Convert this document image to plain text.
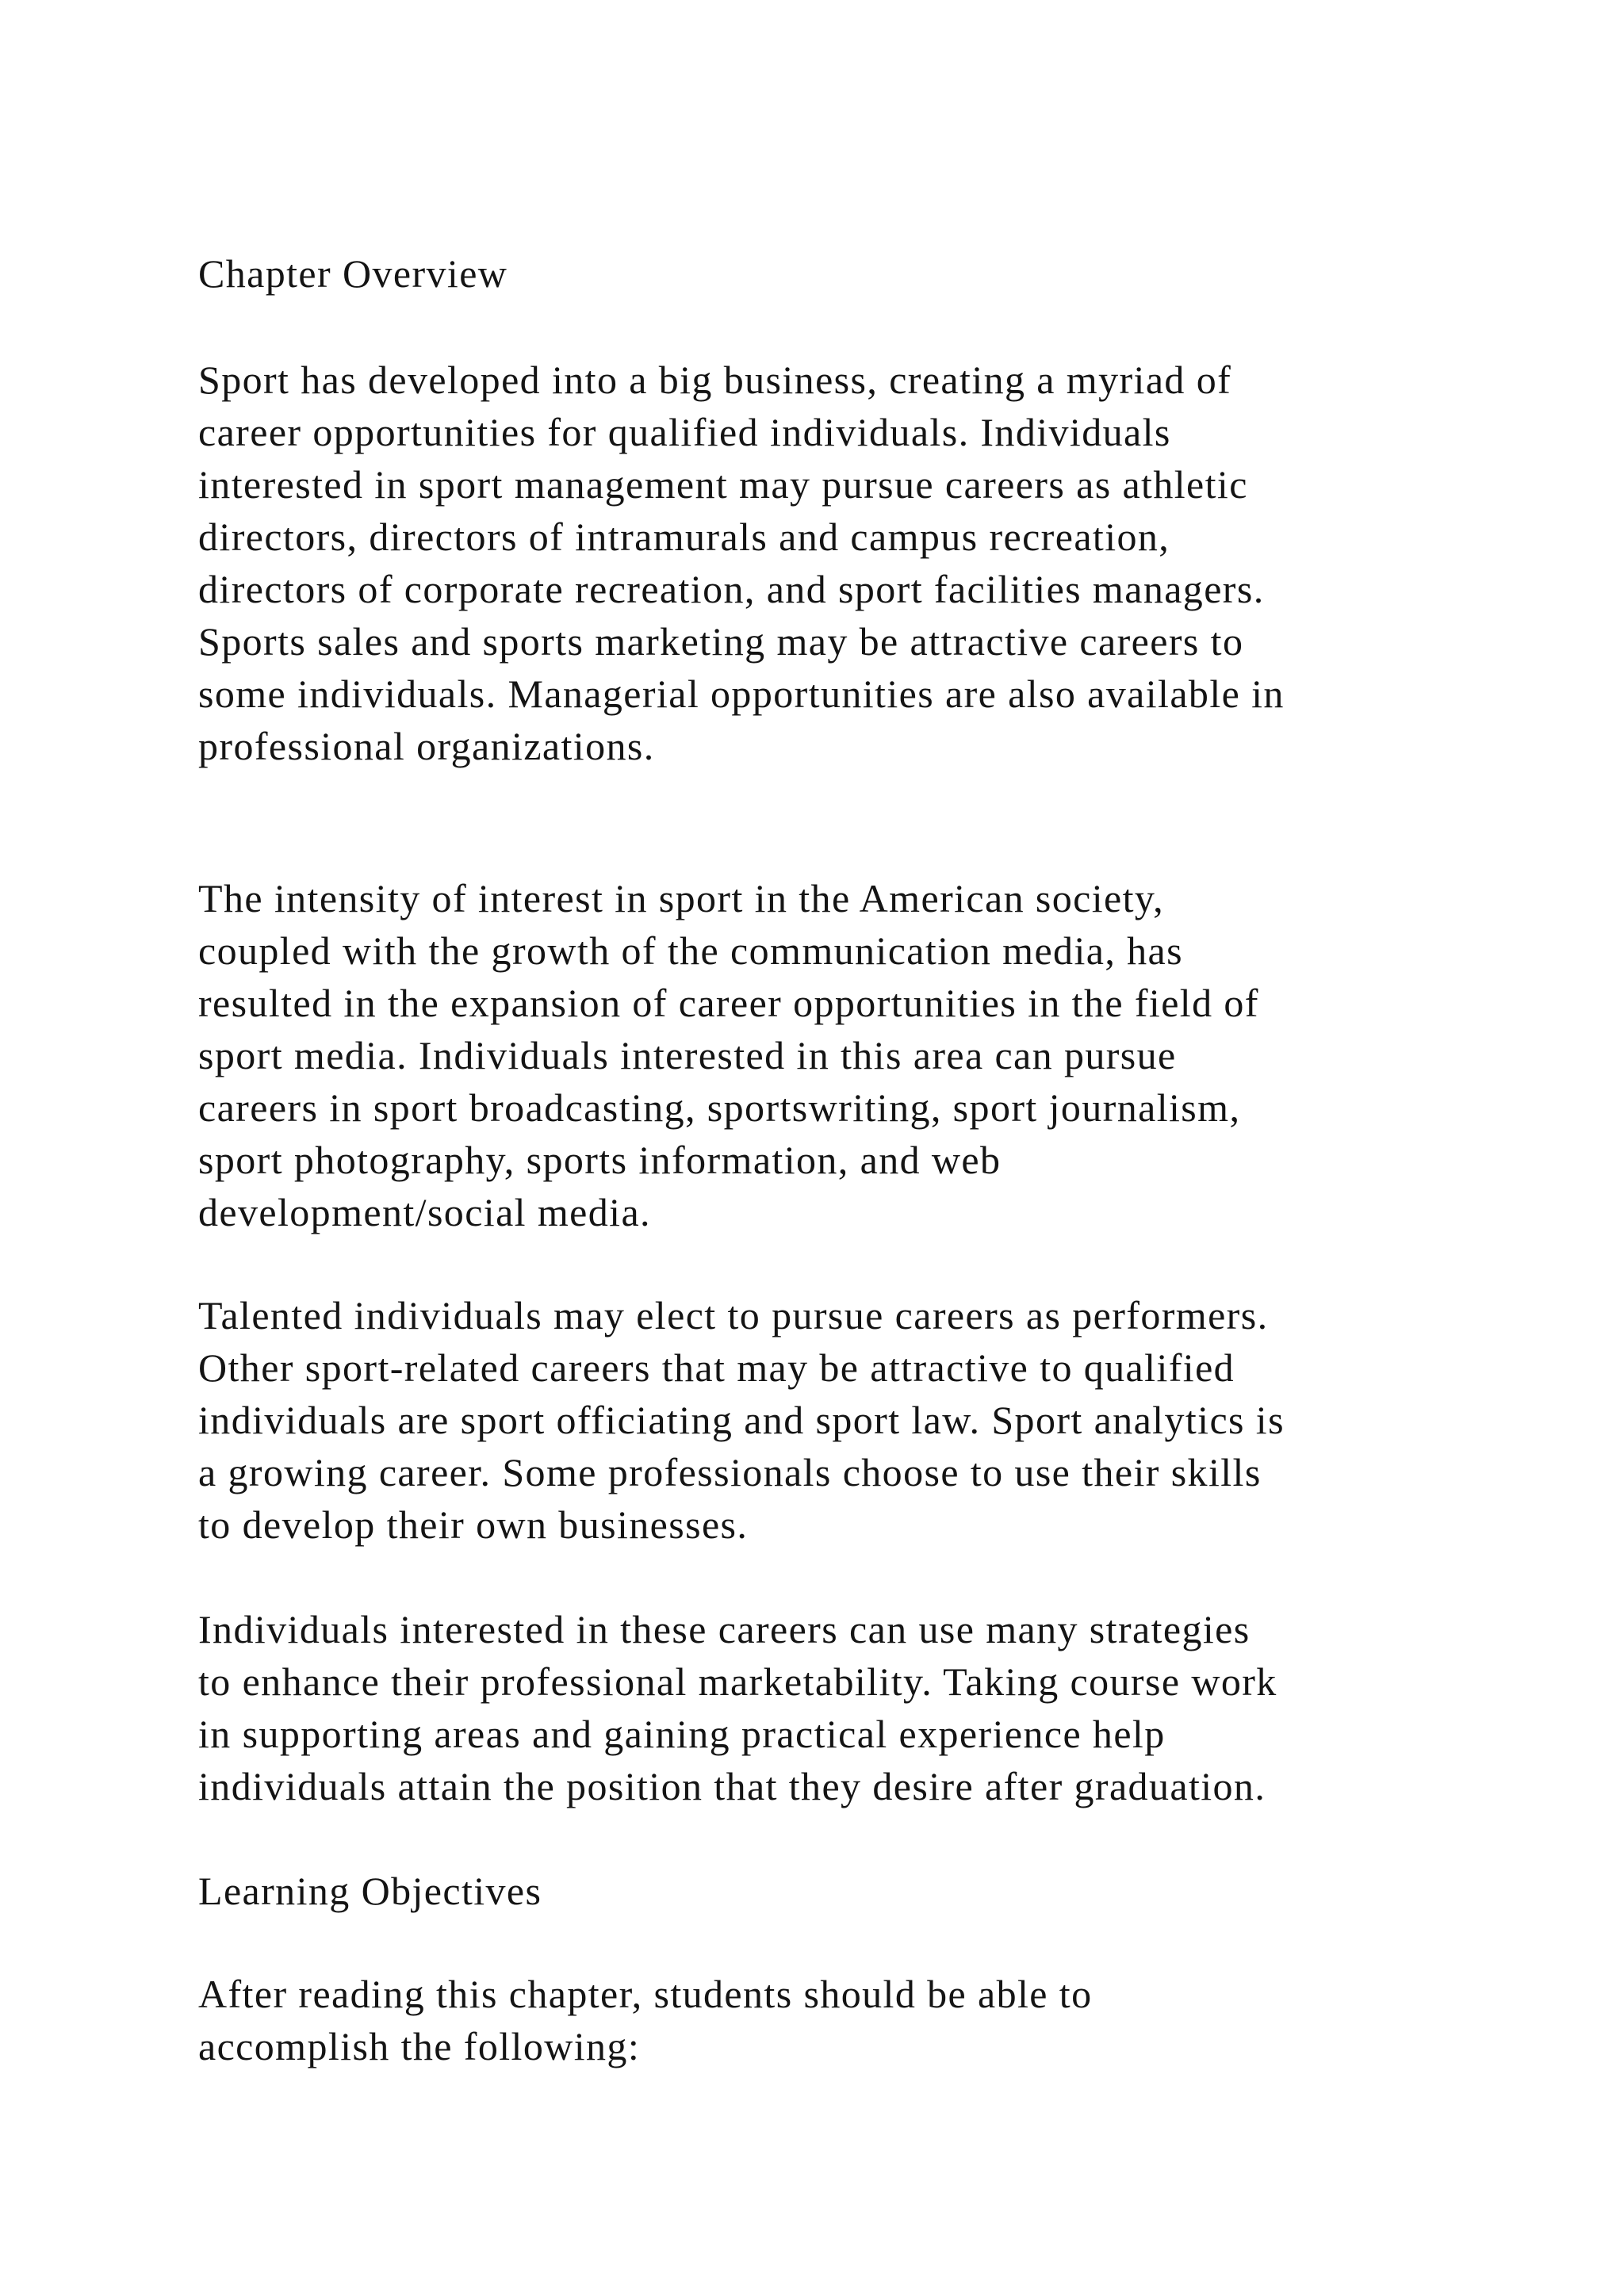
Chapter Overview

Sport has developed into a big business, creating a myriad of
career opportunities for qualified individuals. Individuals
interested in sport management may pursue careers as athletic
directors, directors of intramurals and campus recreation,
directors of corporate recreation, and sport facilities managers.
Sports sales and sports marketing may be attractive careers to
some individuals. Managerial opportunities are also available in
professional organizations.

The intensity of interest in sport in the American society,
coupled with the growth of the communication media, has
resulted in the expansion of career opportunities in the field of
sport media. Individuals interested in this area can pursue
careers in sport broadcasting, sportswriting, sport journalism,
sport photography, sports information, and web
development/social media.

Talented individuals may elect to pursue careers as performers.
Other sport-related careers that may be attractive to qualified
individuals are sport officiating and sport law. Sport analytics is
a growing career. Some professionals choose to use their skills
to develop their own businesses.

Individuals interested in these careers can use many strategies
to enhance their professional marketability. Taking course work
in supporting areas and gaining practical experience help
individuals attain the position that they desire after graduation.

Learning Objectives

After reading this chapter, students should be able to
accomplish the following:
